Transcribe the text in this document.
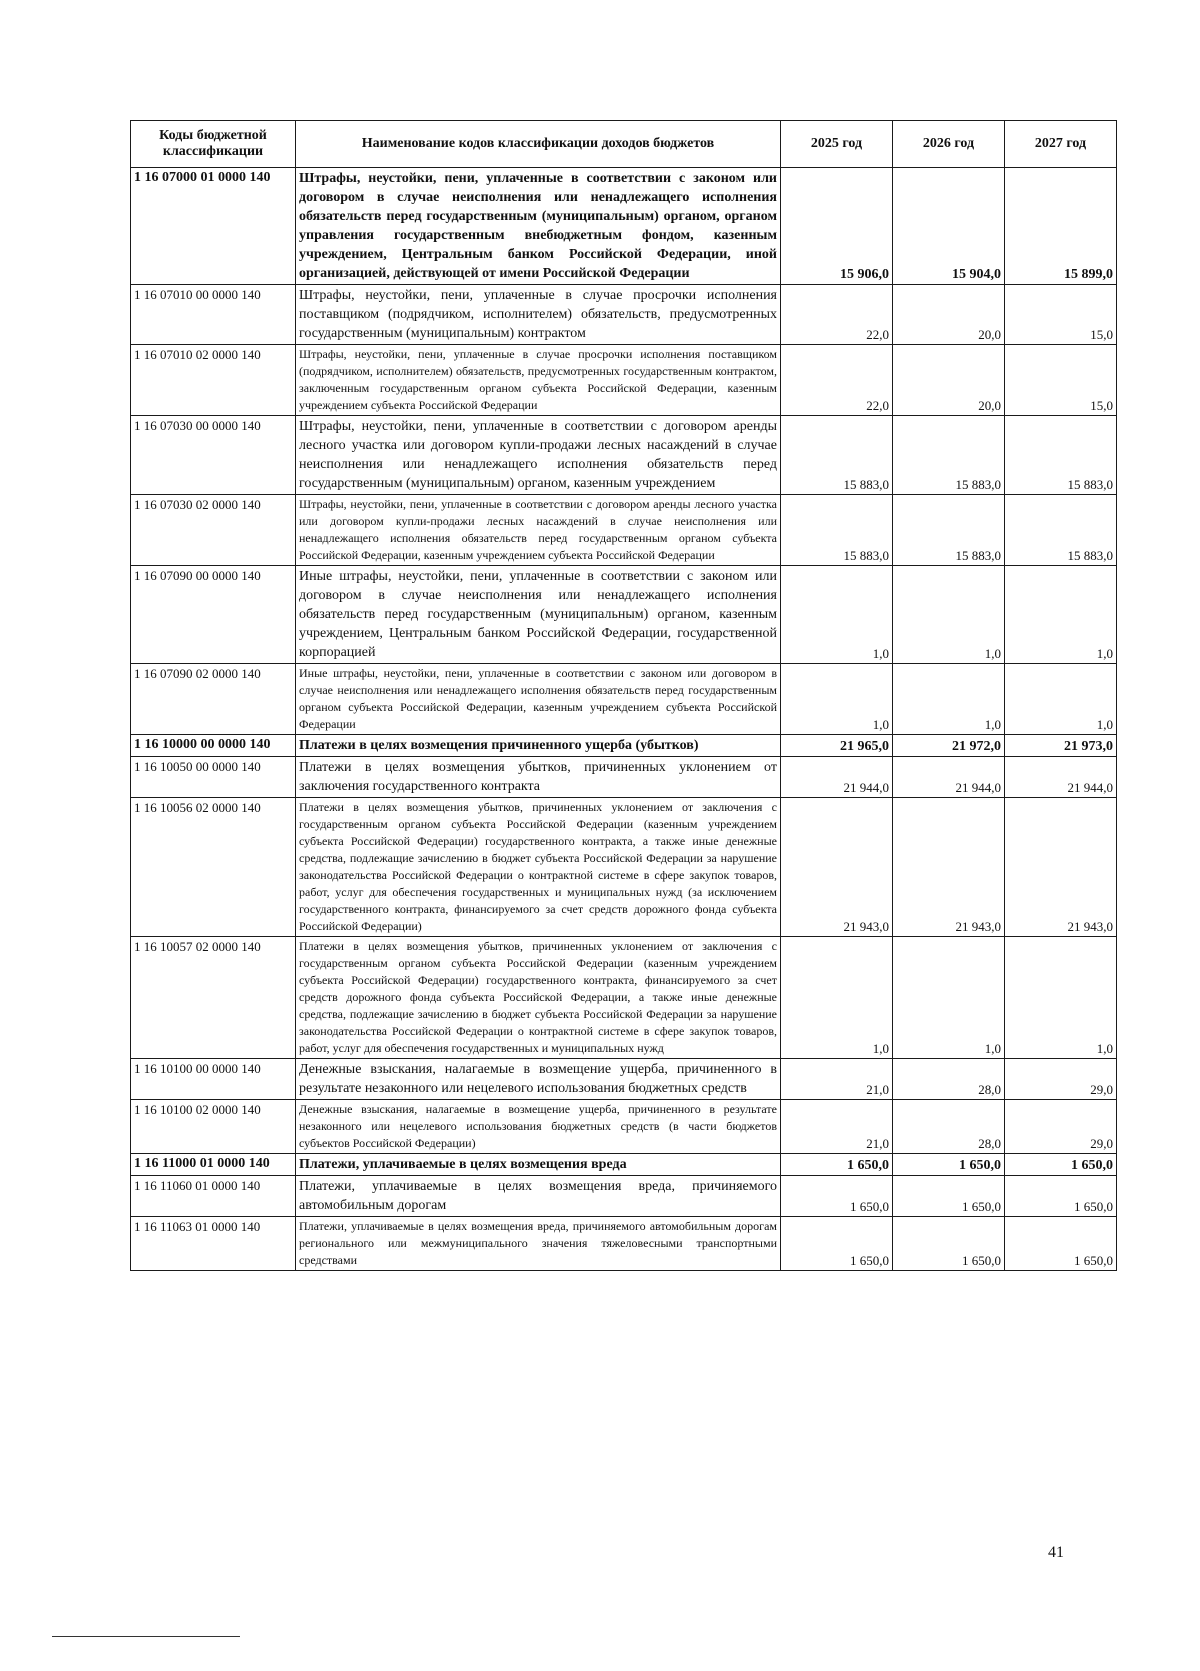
Коды бюджетной классификации	Наименование кодов классификации доходов бюджетов	2025 год	2026 год	2027 год
1 16 07000 01 0000 140	Штрафы, неустойки, пени, уплаченные в соответствии с законом или договором в случае неисполнения или ненадлежащего исполнения обязательств перед государственным (муниципальным) органом, органом управления государственным внебюджетным фондом, казенным учреждением, Центральным банком Российской Федерации, иной организацией, действующей от имени Российской Федерации	15 906,0	15 904,0	15 899,0
1 16 07010 00 0000 140	Штрафы, неустойки, пени, уплаченные в случае просрочки исполнения поставщиком (подрядчиком, исполнителем) обязательств, предусмотренных государственным (муниципальным) контрактом	22,0	20,0	15,0
1 16 07010 02 0000 140	Штрафы, неустойки, пени, уплаченные в случае просрочки исполнения поставщиком (подрядчиком, исполнителем) обязательств, предусмотренных государственным контрактом, заключенным государственным органом субъекта Российской Федерации, казенным учреждением субъекта Российской Федерации	22,0	20,0	15,0
1 16 07030 00 0000 140	Штрафы, неустойки, пени, уплаченные в соответствии с договором аренды лесного участка или договором купли-продажи лесных насаждений в случае неисполнения или ненадлежащего исполнения обязательств перед государственным (муниципальным) органом, казенным учреждением	15 883,0	15 883,0	15 883,0
1 16 07030 02 0000 140	Штрафы, неустойки, пени, уплаченные в соответствии с договором аренды лесного участка или договором купли-продажи лесных насаждений в случае неисполнения или ненадлежащего исполнения обязательств перед государственным органом субъекта Российской Федерации, казенным учреждением субъекта Российской Федерации	15 883,0	15 883,0	15 883,0
1 16 07090 00 0000 140	Иные штрафы, неустойки, пени, уплаченные в соответствии с законом или договором в случае неисполнения или ненадлежащего исполнения обязательств перед государственным (муниципальным) органом, казенным учреждением, Центральным банком Российской Федерации, государственной корпорацией	1,0	1,0	1,0
1 16 07090 02 0000 140	Иные штрафы, неустойки, пени, уплаченные в соответствии с законом или договором в случае неисполнения или ненадлежащего исполнения обязательств перед государственным органом субъекта Российской Федерации, казенным учреждением субъекта Российской Федерации	1,0	1,0	1,0
1 16 10000 00 0000 140	Платежи в целях возмещения причиненного ущерба (убытков)	21 965,0	21 972,0	21 973,0
1 16 10050 00 0000 140	Платежи в целях возмещения убытков, причиненных уклонением от заключения государственного контракта	21 944,0	21 944,0	21 944,0
1 16 10056 02 0000 140	Платежи в целях возмещения убытков, причиненных уклонением от заключения с государственным органом субъекта Российской Федерации (казенным учреждением субъекта Российской Федерации) государственного контракта, а также иные денежные средства, подлежащие зачислению в бюджет субъекта Российской Федерации за нарушение законодательства Российской Федерации о контрактной системе в сфере закупок товаров, работ, услуг для обеспечения государственных и муниципальных нужд (за исключением государственного контракта, финансируемого за счет средств дорожного фонда субъекта Российской Федерации)	21 943,0	21 943,0	21 943,0
1 16 10057 02 0000 140	Платежи в целях возмещения убытков, причиненных уклонением от заключения с государственным органом субъекта Российской Федерации (казенным учреждением субъекта Российской Федерации) государственного контракта, финансируемого за счет средств дорожного фонда субъекта Российской Федерации, а также иные денежные средства, подлежащие зачислению в бюджет субъекта Российской Федерации за нарушение законодательства Российской Федерации о контрактной системе в сфере закупок товаров, работ, услуг для обеспечения государственных и муниципальных нужд	1,0	1,0	1,0
1 16 10100 00 0000 140	Денежные взыскания, налагаемые в возмещение ущерба, причиненного в результате незаконного или нецелевого использования бюджетных средств	21,0	28,0	29,0
1 16 10100 02 0000 140	Денежные взыскания, налагаемые в возмещение ущерба, причиненного в результате незаконного или нецелевого использования бюджетных средств (в части бюджетов субъектов Российской Федерации)	21,0	28,0	29,0
1 16 11000 01 0000 140	Платежи, уплачиваемые в целях возмещения вреда	1 650,0	1 650,0	1 650,0
1 16 11060 01 0000 140	Платежи, уплачиваемые в целях возмещения вреда, причиняемого автомобильным дорогам	1 650,0	1 650,0	1 650,0
1 16 11063 01 0000 140	Платежи, уплачиваемые в целях возмещения вреда, причиняемого автомобильным дорогам регионального или межмуниципального значения тяжеловесными транспортными средствами	1 650,0	1 650,0	1 650,0
41
